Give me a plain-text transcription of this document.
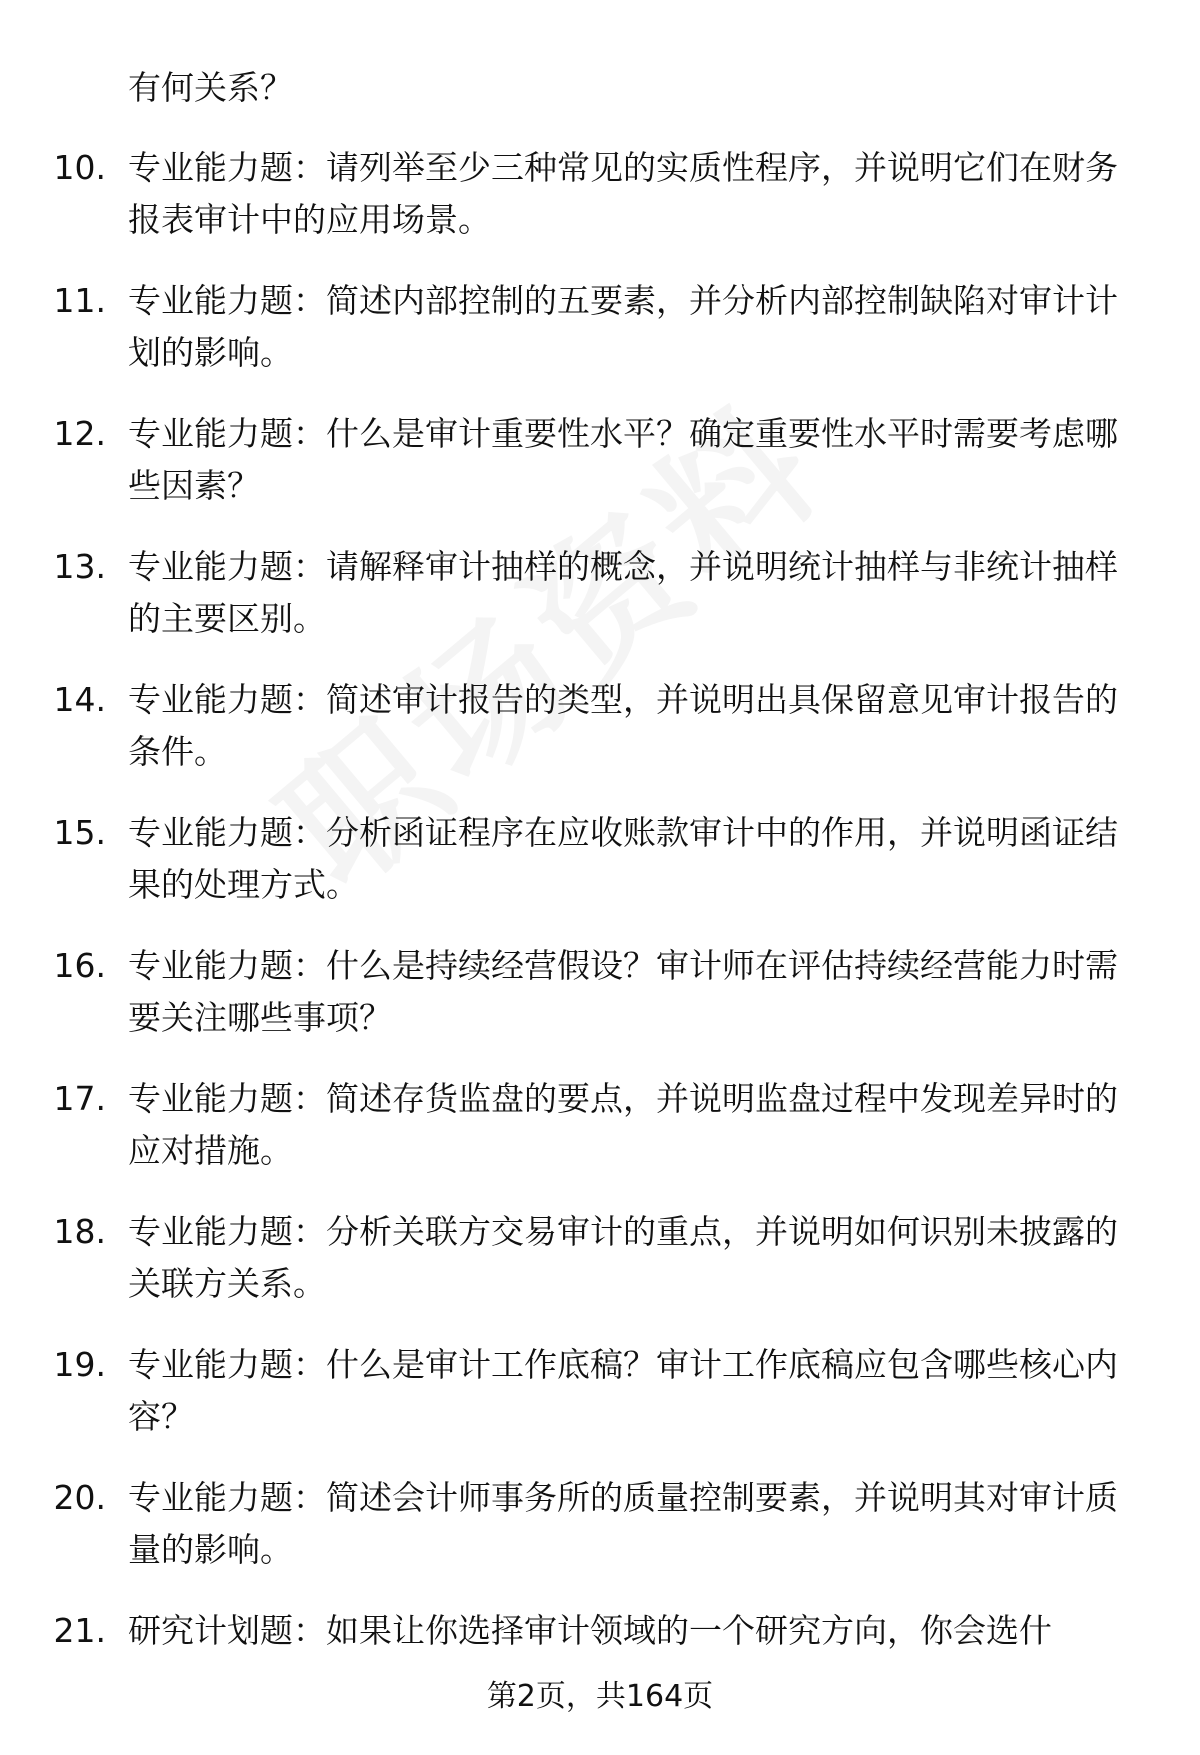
有何关系？
10. 专业能力题：请列举至少三种常见的实质性程序，并说明它们在财务报表审计中的应用场景。
11. 专业能力题：简述内部控制的五要素，并分析内部控制缺陷对审计计划的影响。
12. 专业能力题：什么是审计重要性水平？确定重要性水平时需要考虑哪些因素？
13. 专业能力题：请解释审计抽样的概念，并说明统计抽样与非统计抽样的主要区别。
14. 专业能力题：简述审计报告的类型，并说明出具保留意见审计报告的条件。
15. 专业能力题：分析函证程序在应收账款审计中的作用，并说明函证结果的处理方式。
16. 专业能力题：什么是持续经营假设？审计师在评估持续经营能力时需要关注哪些事项？
17. 专业能力题：简述存货监盘的要点，并说明监盘过程中发现差异时的应对措施。
18. 专业能力题：分析关联方交易审计的重点，并说明如何识别未披露的关联方关系。
19. 专业能力题：什么是审计工作底稿？审计工作底稿应包含哪些核心内容？
20. 专业能力题：简述会计师事务所的质量控制要素，并说明其对审计质量的影响。
21. 研究计划题：如果让你选择审计领域的一个研究方向，你会选什
第2页，共164页
